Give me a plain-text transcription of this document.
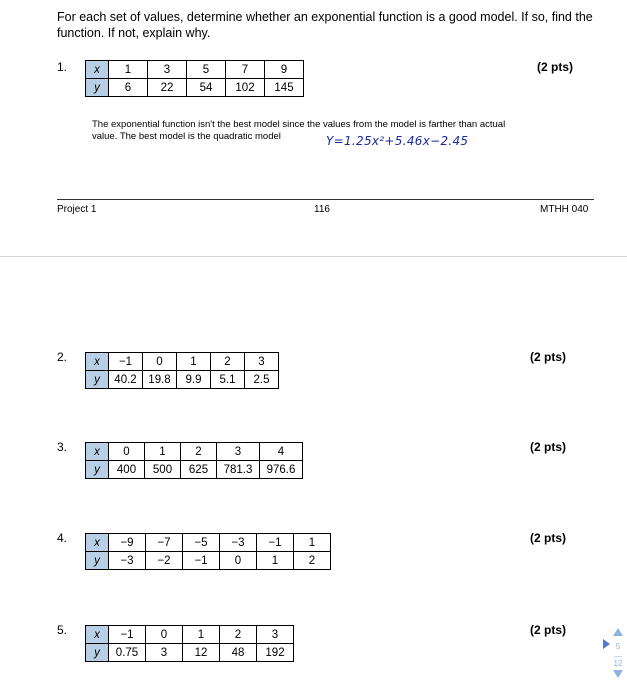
For each set of values, determine whether an exponential function is a good model. If so, find the function. If not, explain why.
1.	(2 pts)
x	1	3	5	7	9
y	6	22	54	102	145
The exponential function isn't the best model since the values from the model is farther than actual value. The best model is the quadratic model	Y=1.25x²+5.46x−2.45
Project 1	116	MTHH 040
2.	(2 pts)
x	−1	0	1	2	3
y	40.2	19.8	9.9	5.1	2.5
3.	(2 pts)
x	0	1	2	3	4
y	400	500	625	781.3	976.6
4.	(2 pts)
x	−9	−7	−5	−3	−1	1
y	−3	−2	−1	0	1	2
5.	(2 pts)
x	−1	0	1	2	3
y	0.75	3	12	48	192	5
—
12
